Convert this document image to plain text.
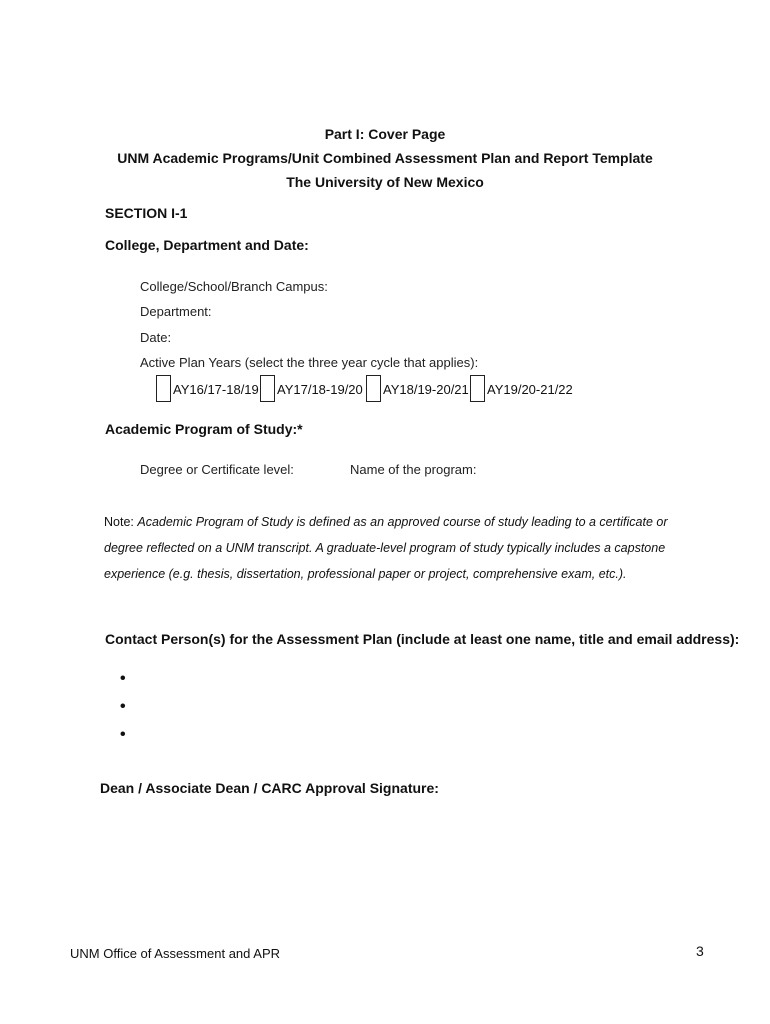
Part I: Cover Page
UNM Academic Programs/Unit Combined Assessment Plan and Report Template
The University of New Mexico
SECTION I-1
College, Department and Date:
College/School/Branch Campus:
Department:
Date:
Active Plan Years (select the three year cycle that applies):
AY16/17-18/19 AY17/18-19/20 AY18/19-20/21 AY19/20-21/22
Academic Program of Study:*
Degree or Certificate level:	Name of the program:
Note: Academic Program of Study is defined as an approved course of study leading to a certificate or degree reflected on a UNM transcript. A graduate-level program of study typically includes a capstone experience (e.g. thesis, dissertation, professional paper or project, comprehensive exam, etc.).
Contact Person(s) for the Assessment Plan (include at least one name, title and email address):
•
•
•
Dean / Associate Dean / CARC Approval Signature:
UNM Office of Assessment and APR	3
